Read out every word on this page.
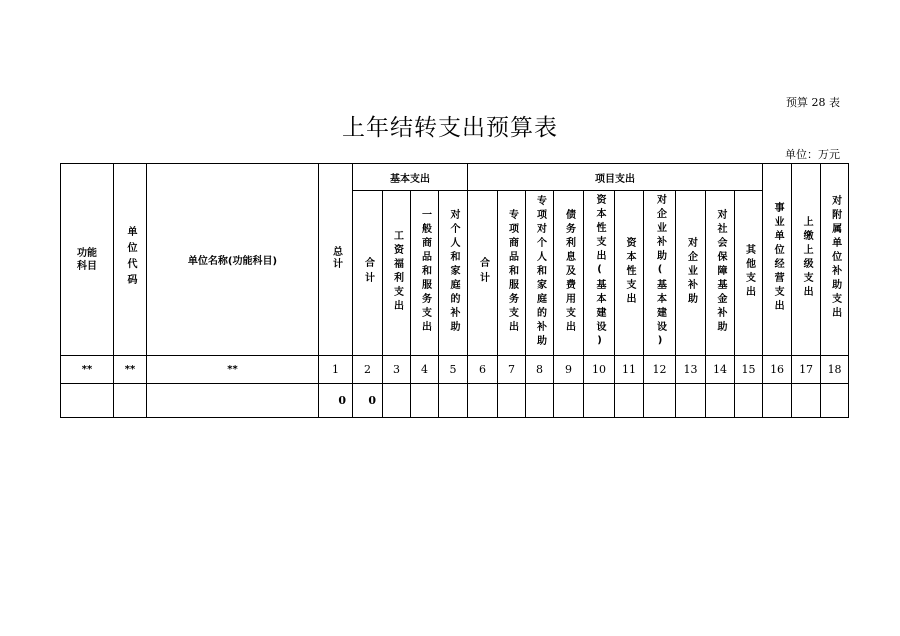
预算 28 表
上年结转支出预算表
单位：万元
功能科目	单位代码	单位名称(功能科目)	总计	基本支出				项目支出										事业单位经营支出	上缴上级支出	对附属单位补助支出
				合计	工资福利支出	一般商品和服务支出	对个人和家庭的补助	合计	专项商品和服务支出	专项对个人和家庭的补助	债务利息及费用支出	资本性支出(基本建设)	资本性支出	对企业补助(基本建设)	对企业补助	对社会保障基金补助	其他支出			
**	**	**	1	2	3	4	5	6	7	8	9	10	11	12	13	14	15	16	17	18
			0	0																
